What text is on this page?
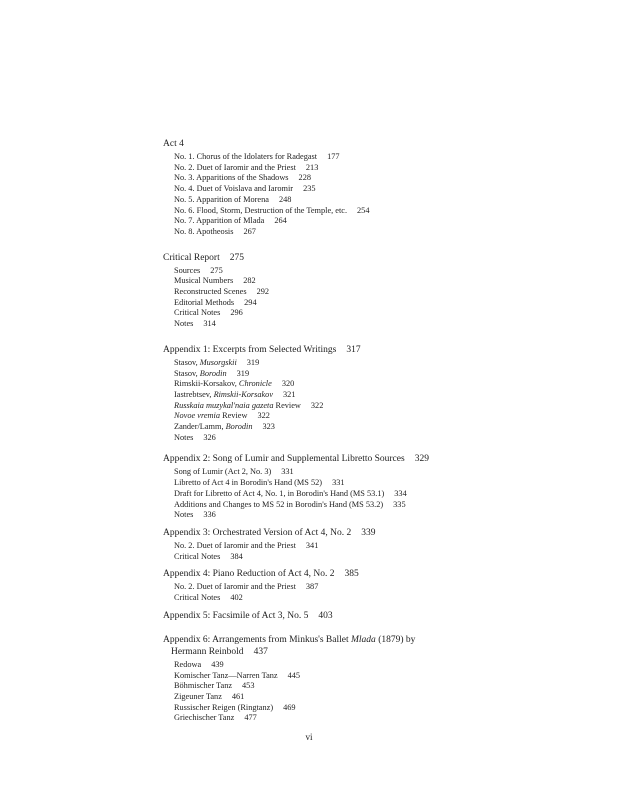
Act 4
No. 1. Chorus of the Idolaters for Radegast 177
No. 2. Duet of Iaromir and the Priest 213
No. 3. Apparitions of the Shadows 228
No. 4. Duet of Voislava and Iaromir 235
No. 5. Apparition of Morena 248
No. 6. Flood, Storm, Destruction of the Temple, etc. 254
No. 7. Apparition of Mlada 264
No. 8. Apotheosis 267
Critical Report 275
Sources 275
Musical Numbers 282
Reconstructed Scenes 292
Editorial Methods 294
Critical Notes 296
Notes 314
Appendix 1: Excerpts from Selected Writings 317
Stasov, Musorgskii 319
Stasov, Borodin 319
Rimskii-Korsakov, Chronicle 320
Iastrebtsev, Rimskii-Korsakov 321
Russkaia muzykal'naia gazeta Review 322
Novoe vremia Review 322
Zander/Lamm, Borodin 323
Notes 326
Appendix 2: Song of Lumir and Supplemental Libretto Sources 329
Song of Lumir (Act 2, No. 3) 331
Libretto of Act 4 in Borodin's Hand (MS 52) 331
Draft for Libretto of Act 4, No. 1, in Borodin's Hand (MS 53.1) 334
Additions and Changes to MS 52 in Borodin's Hand (MS 53.2) 335
Notes 336
Appendix 3: Orchestrated Version of Act 4, No. 2 339
No. 2. Duet of Iaromir and the Priest 341
Critical Notes 384
Appendix 4: Piano Reduction of Act 4, No. 2 385
No. 2. Duet of Iaromir and the Priest 387
Critical Notes 402
Appendix 5: Facsimile of Act 3, No. 5 403
Appendix 6: Arrangements from Minkus's Ballet Mlada (1879) by
Hermann Reinbold 437
Redowa 439
Komischer Tanz—Narren Tanz 445
Böhmischer Tanz 453
Zigeuner Tanz 461
Russischer Reigen (Ringtanz) 469
Griechischer Tanz 477
vi
